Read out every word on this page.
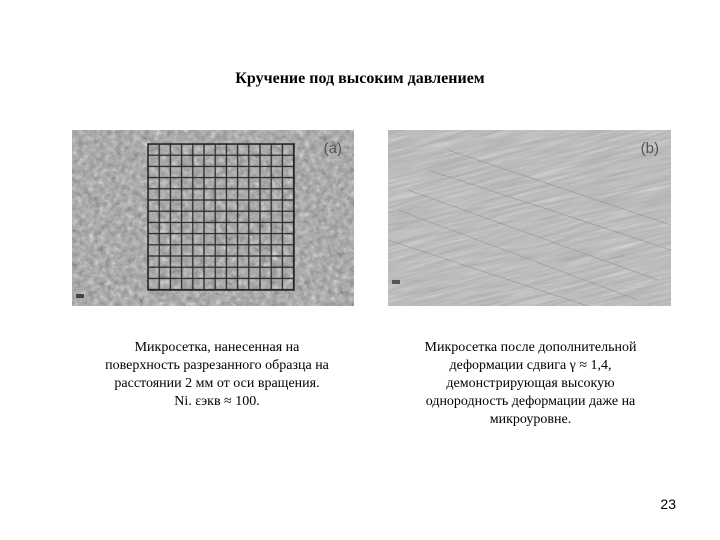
Кручение под высоким давлением
(a)	(b)
Микросетка, нанесенная на
поверхность разрезанного образца на
расстоянии 2 мм от оси вращения.
Ni. εэкв ≈ 100.
Микросетка после дополнительной
деформации сдвига γ ≈ 1,4,
демонстрирующая высокую
однородность деформации даже на
микроуровне.
23
